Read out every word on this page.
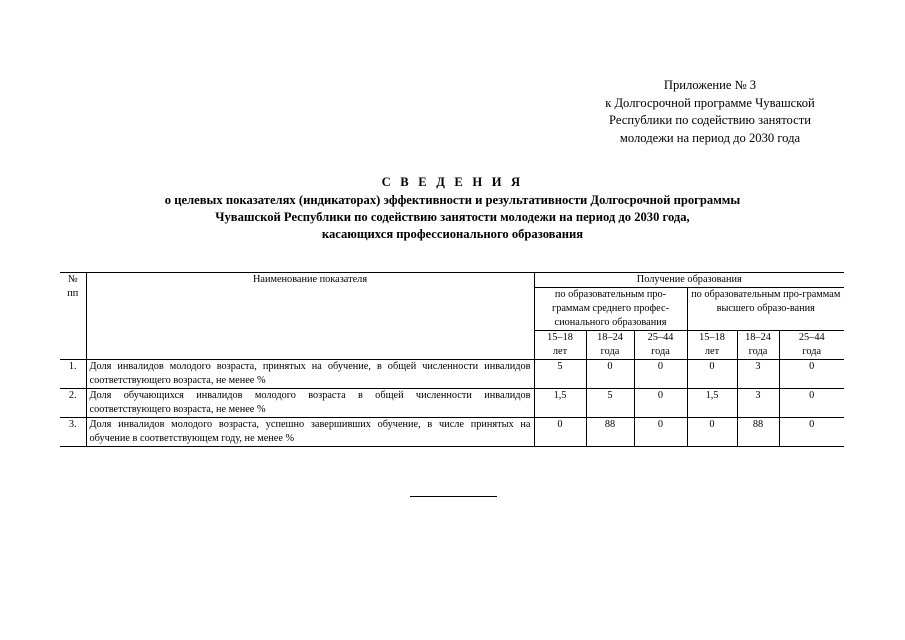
Приложение № 3
к Долгосрочной программе Чувашской
Республики по содействию занятости
молодежи на период до 2030 года
С В Е Д Е Н И Я
о целевых показателях (индикаторах) эффективности и результативности Долгосрочной программы
Чувашской Республики по содействию занятости молодежи на период до 2030 года,
касающихся профессионального образования
№
пп	Наименование показателя	Получение образования					
		по образовательным про-граммам среднего профес-сионального образования			по образовательным про-граммам высшего образо-вания		
		15–18	18–24	25–44	15–18	18–24	25–44
		лет	года	года	лет	года	года
1.	Доля инвалидов молодого возраста, принятых на обучение, в общей численности инвалидов соответствующего возраста, не менее %	5	0	0	0	3	0
2.	Доля обучающихся инвалидов молодого возраста в общей численности инвалидов соответствующего возраста, не менее %	1,5	5	0	1,5	3	0
3.	Доля инвалидов молодого возраста, успешно завершивших обучение, в числе принятых на обучение в соответствующем году, не менее %	0	88	0	0	88	0
